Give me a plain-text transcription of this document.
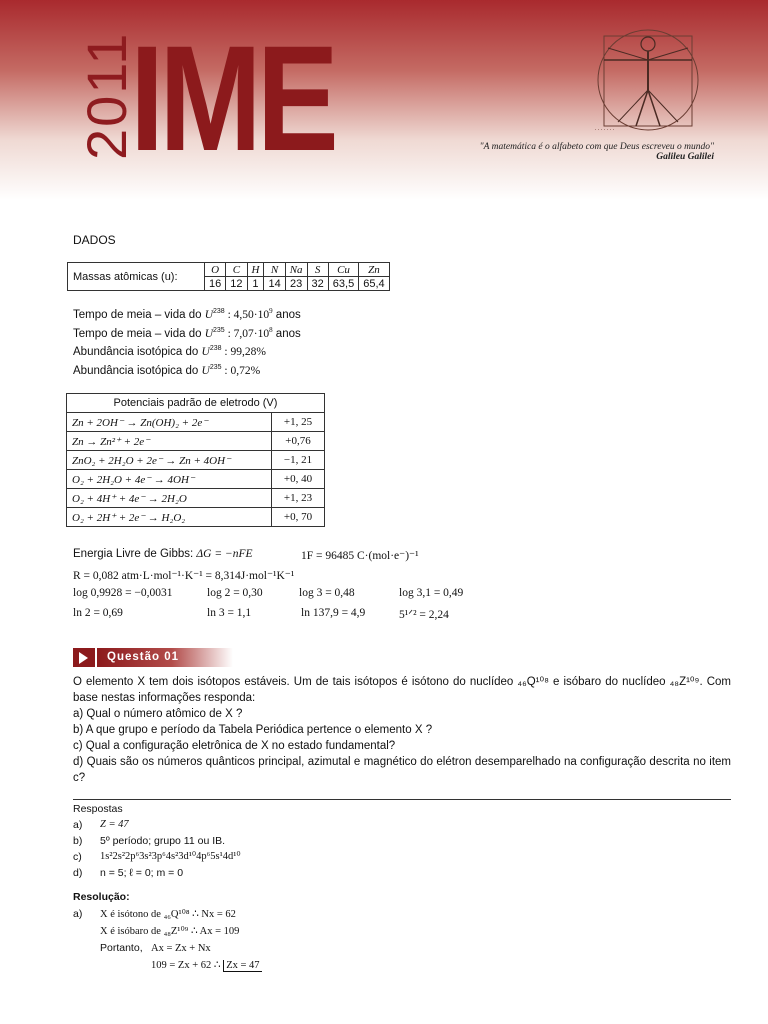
2011
IME	.......
"A matemática é o alfabeto com que Deus escreveu o mundo"
Galileu Galilei
DADOS
Massas atômicas (u):	O	C	H	N	Na	S	Cu	Zn
	16	12	1	14	23	32	63,5	65,4
Tempo de meia – vida do $U^{238}$ : $4,50\cdot 10^9$ anos
Tempo de meia – vida do $U^{235}$ : $7,07\cdot 10^8$ anos
Abundância isotópica do $U^{238}$ : 99,28%
Abundância isotópica do $U^{235}$ : 0,72%
Potenciais padrão de eletrodo (V)	
Zn + 2OH⁻ → Zn(OH)₂ + 2e⁻	+1, 25
Zn → Zn²⁺ + 2e⁻	+0,76
ZnO₂ + 2H₂O + 2e⁻ → Zn + 4OH⁻	−1, 21
O₂ + 2H₂O + 4e⁻ → 4OH⁻	+0, 40
O₂ + 4H⁺ + 4e⁻ → 2H₂O	+1, 23
O₂ + 2H⁺ + 2e⁻ → H₂O₂	+0, 70
Energia Livre de Gibbs: ΔG = −nFE	1F = 96485 C·(mol·e⁻)⁻¹
R = 0,082 atm·L·mol⁻¹·K⁻¹ = 8,314J·mol⁻¹K⁻¹
log 0,9928 = −0,0031	log 2 = 0,30	log 3 = 0,48	log 3,1 = 0,49
ln 2 = 0,69	ln 3 = 1,1	ln 137,9 = 4,9	5¹ᐟ² = 2,24
Questão 01

O elemento X tem dois isótopos estáveis. Um de tais isótopos é isótono do nuclídeo ₄₆Q¹⁰⁸ e isóbaro do nuclídeo ₄₈Z¹⁰⁹. Com base nestas informações responda:

a) Qual o número atômico de X ?

b) A que grupo e período da Tabela Periódica pertence o elemento X ?

c) Qual a configuração eletrônica de X no estado fundamental?

d) Quais são os números quânticos principal, azimutal e magnético do elétron desemparelhado na configuração descrita no item c?

Respostas
a) Z = 47
b) 5º período; grupo 11 ou IB.
c) 1s²2s²2p⁶3s²3p⁶4s²3d¹⁰4p⁶5s¹4d¹⁰
d) n = 5; ℓ = 0; m = 0
Resolução:
a) X é isótono de ₄₆Q¹⁰⁸ ∴ Nx = 62
X é isóbaro de ₄₈Z¹⁰⁹ ∴ Ax = 109
Portanto, Ax = Zx + Nx
109 = Zx + 62 ∴ Zx = 47
